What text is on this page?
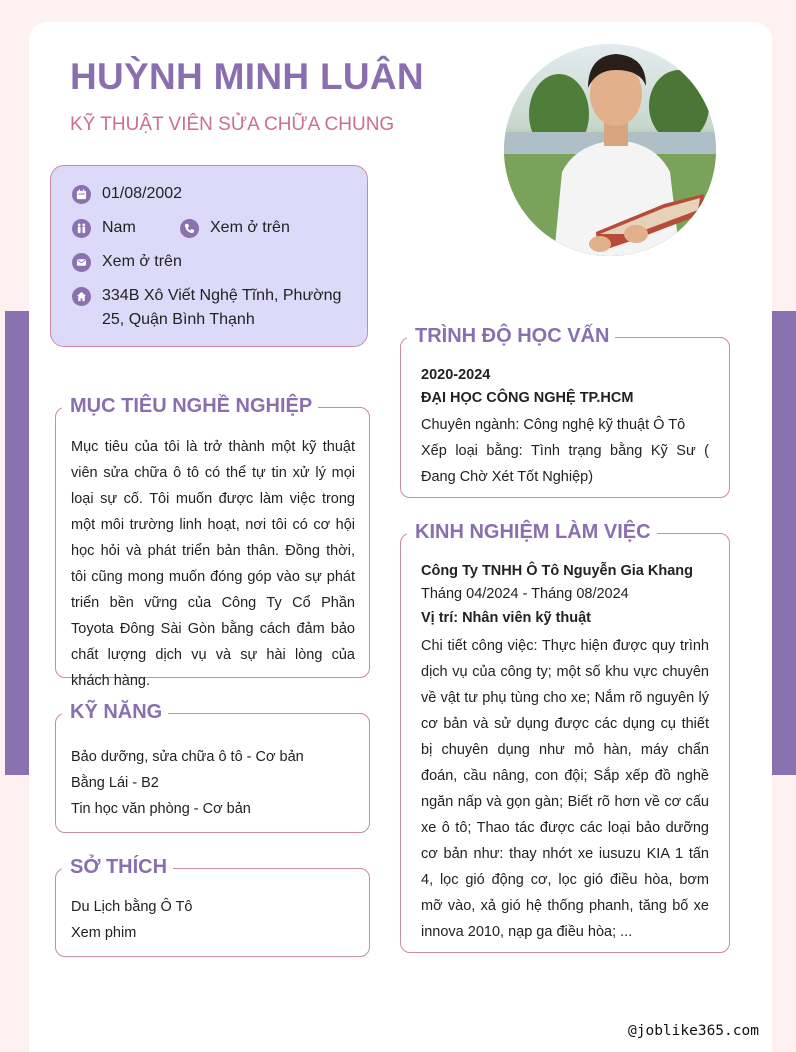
HUỲNH MINH LUÂN
KỸ THUẬT VIÊN SỬA CHỮA CHUNG
01/08/2002
Nam	Xem ở trên
Xem ở trên
334B Xô Viết Nghệ Tĩnh, Phường
25, Quận Bình Thạnh
Mục tiêu của tôi là trở thành một kỹ thuật viên sửa chữa ô tô có thể tự tin xử lý mọi loại sự cố. Tôi muốn được làm việc trong một môi trường linh hoạt, nơi tôi có cơ hội học hỏi và phát triển bản thân. Đồng thời, tôi cũng mong muốn đóng góp vào sự phát triển bền vững của Công Ty Cổ Phần Toyota Đông Sài Gòn bằng cách đảm bảo chất lượng dịch vụ và sự hài lòng của khách hàng.
MỤC TIÊU NGHỀ NGHIỆP
Bảo dưỡng, sửa chữa ô tô - Cơ bản
Bằng Lái - B2
Tin học văn phòng - Cơ bản
KỸ NĂNG
Du Lịch bằng Ô Tô
Xem phim
SỞ THÍCH
2020-2024
ĐẠI HỌC CÔNG NGHỆ TP.HCM
Chuyên ngành: Công nghệ kỹ thuật Ô Tô
Xếp loại bằng: Tình trạng bằng Kỹ Sư ( Đang Chờ Xét Tốt Nghiệp)
TRÌNH ĐỘ HỌC VẤN
Công Ty TNHH Ô Tô Nguyễn Gia Khang
Tháng 04/2024 - Tháng 08/2024
Vị trí: Nhân viên kỹ thuật
Chi tiết công việc: Thực hiện được quy trình dịch vụ của công ty; một số khu vực chuyên về vật tư phụ tùng cho xe; Nắm rõ nguyên lý cơ bản và sử dụng được các dụng cụ thiết bị chuyên dụng như mỏ hàn, máy chẩn đoán, cầu nâng, con đội; Sắp xếp đồ nghề ngăn nấp và gọn gàn; Biết rõ hơn về cơ cấu xe ô tô; Thao tác được các loại bảo dưỡng cơ bản như: thay nhớt xe iusuzu KIA 1 tấn 4, lọc gió động cơ, lọc gió điều hòa, bơm mỡ vào, xả gió hệ thống phanh, tăng bố xe innova 2010, nạp ga điều hòa; ...
KINH NGHIỆM LÀM VIỆC
@joblike365.com
